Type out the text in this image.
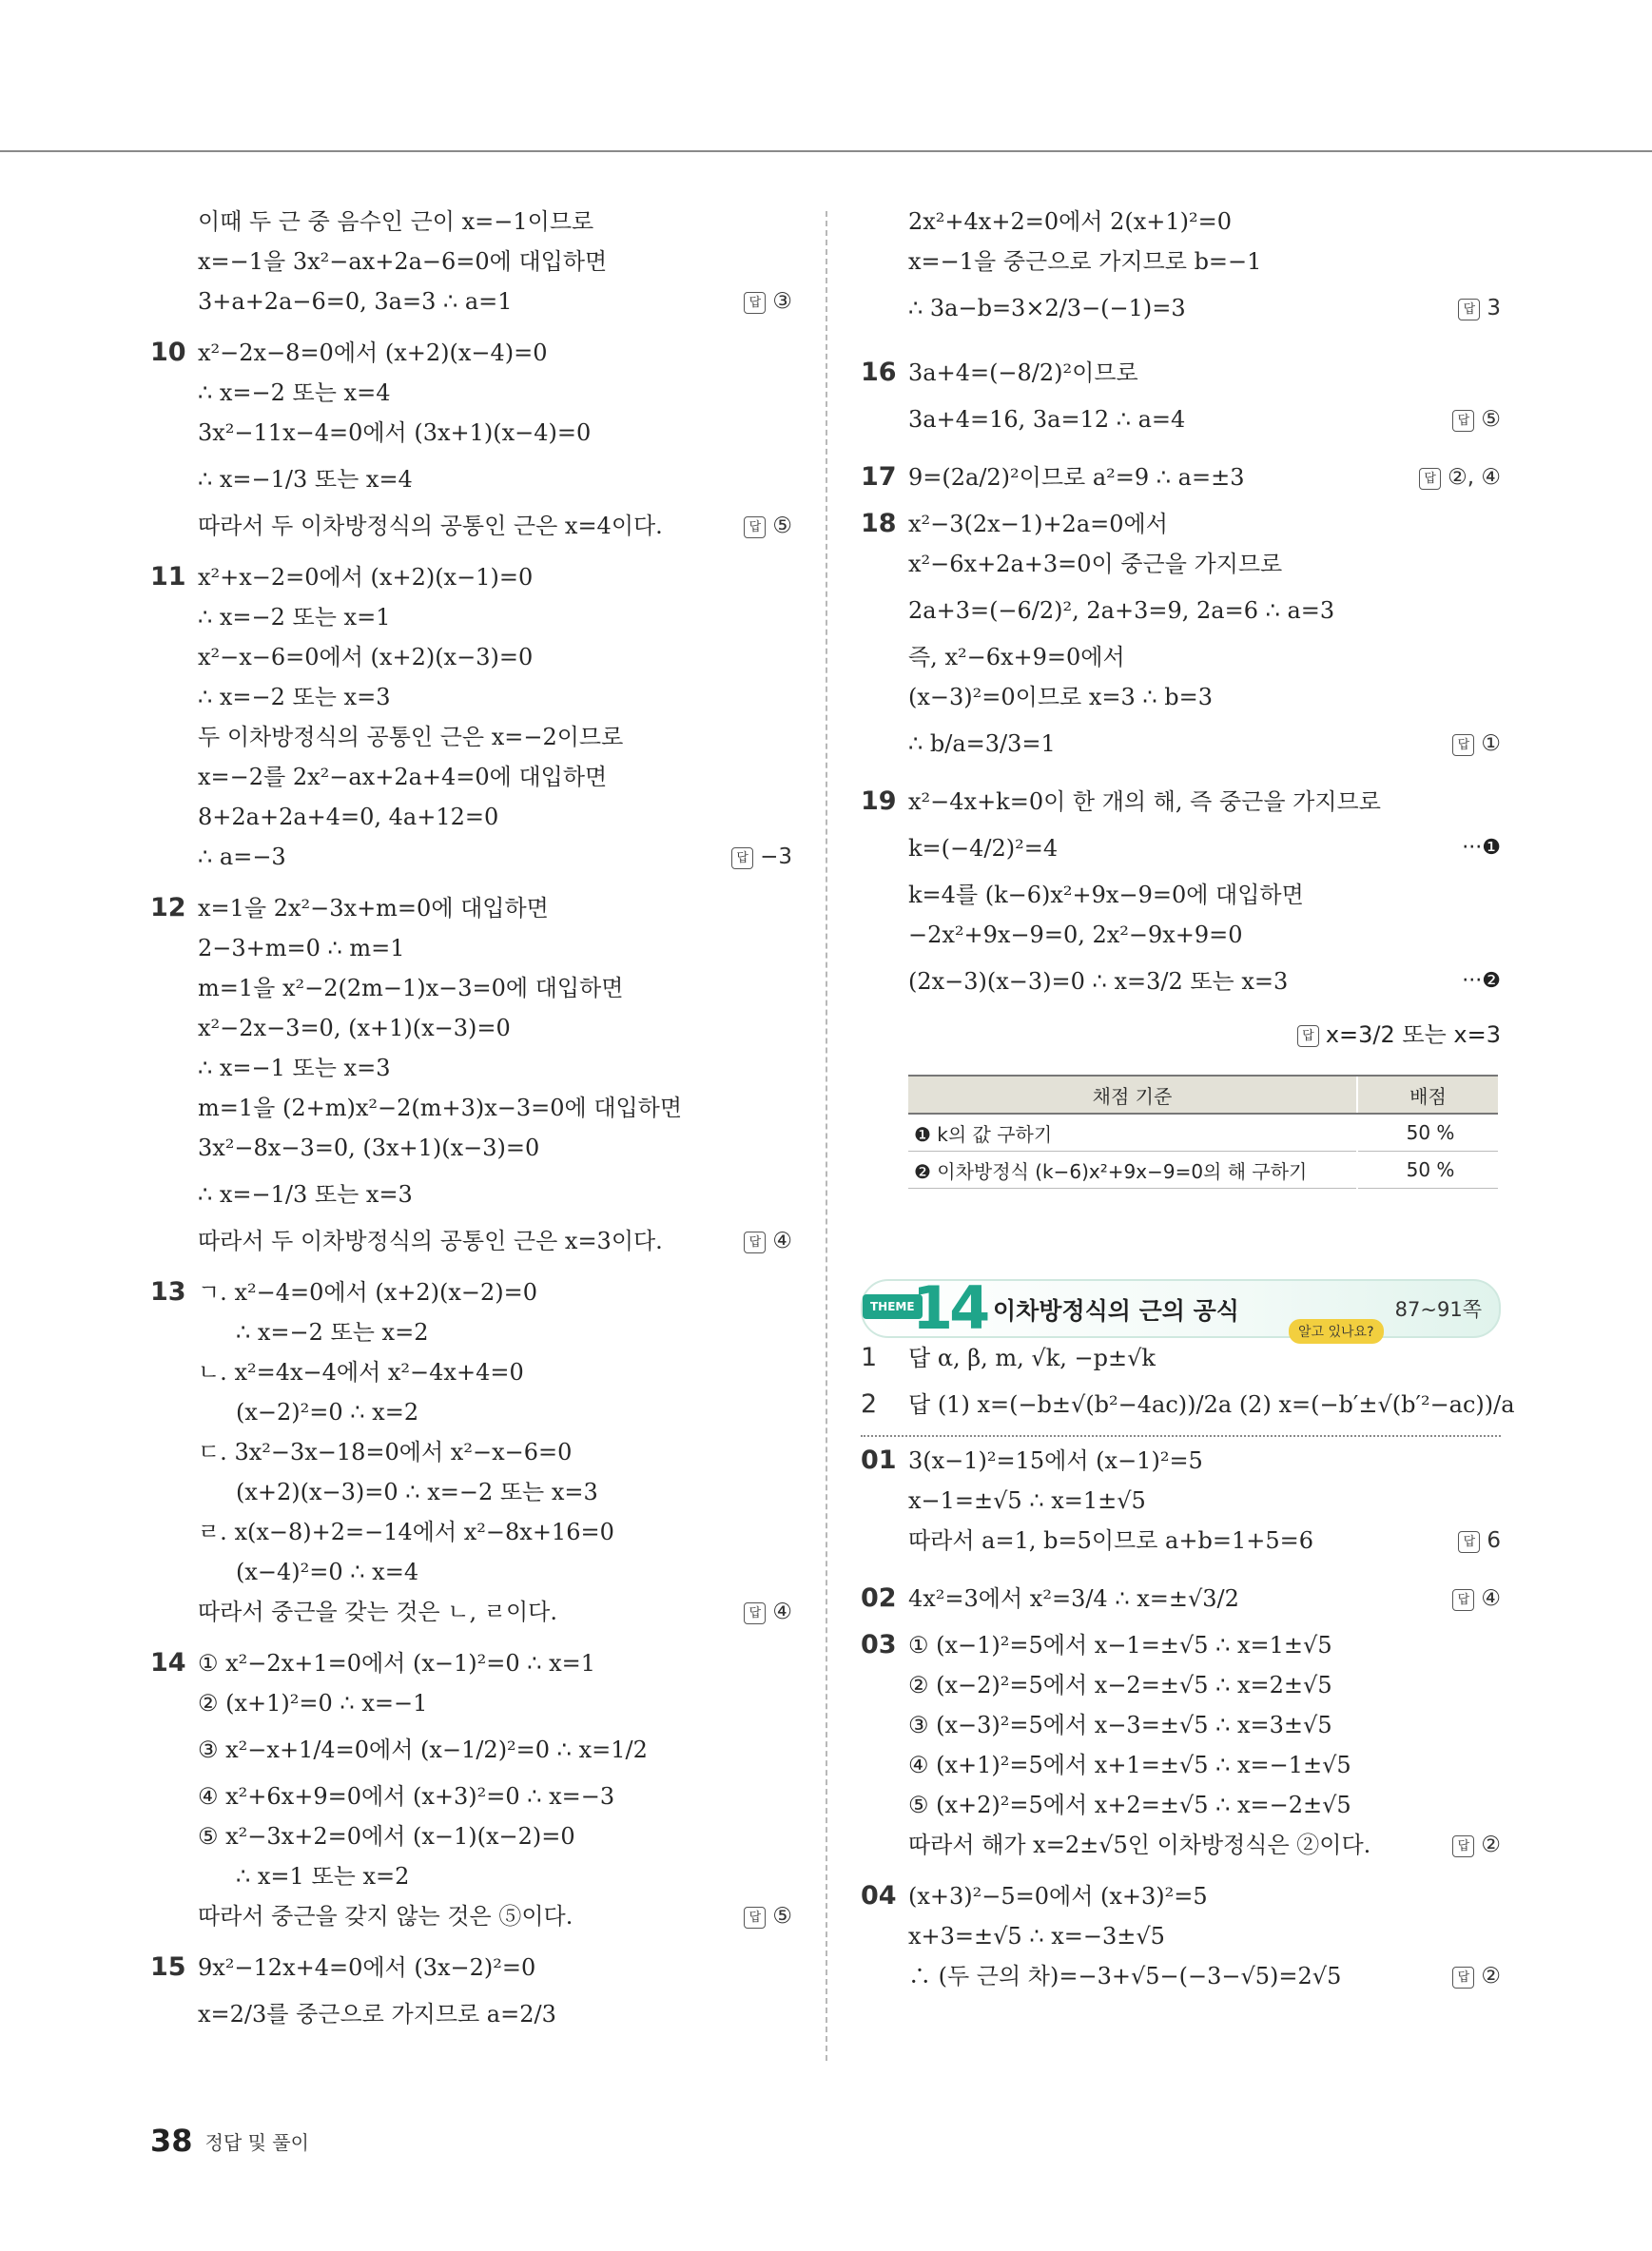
이때 두 근 중 음수인 근이 x=−1이므로
x=−1을 3x²−ax+2a−6=0에 대입하면
3+a+2a−6=0, 3a=3 ∴ a=1	답 ③
10 x²−2x−8=0에서 (x+2)(x−4)=0
∴ x=−2 또는 x=4
3x²−11x−4=0에서 (3x+1)(x−4)=0
∴ x=−1/3 또는 x=4
따라서 두 이차방정식의 공통인 근은 x=4이다.	답 ⑤
11 x²+x−2=0에서 (x+2)(x−1)=0
∴ x=−2 또는 x=1
x²−x−6=0에서 (x+2)(x−3)=0
∴ x=−2 또는 x=3
두 이차방정식의 공통인 근은 x=−2이므로
x=−2를 2x²−ax+2a+4=0에 대입하면
8+2a+2a+4=0, 4a+12=0
∴ a=−3	답 −3
12 x=1을 2x²−3x+m=0에 대입하면
2−3+m=0 ∴ m=1
m=1을 x²−2(2m−1)x−3=0에 대입하면
x²−2x−3=0, (x+1)(x−3)=0
∴ x=−1 또는 x=3
m=1을 (2+m)x²−2(m+3)x−3=0에 대입하면
3x²−8x−3=0, (3x+1)(x−3)=0
∴ x=−1/3 또는 x=3
따라서 두 이차방정식의 공통인 근은 x=3이다.	답 ④
13 ㄱ. x²−4=0에서 (x+2)(x−2)=0
∴ x=−2 또는 x=2
ㄴ. x²=4x−4에서 x²−4x+4=0
(x−2)²=0 ∴ x=2
ㄷ. 3x²−3x−18=0에서 x²−x−6=0
(x+2)(x−3)=0 ∴ x=−2 또는 x=3
ㄹ. x(x−8)+2=−14에서 x²−8x+16=0
(x−4)²=0 ∴ x=4
따라서 중근을 갖는 것은 ㄴ, ㄹ이다.	답 ④
14 ① x²−2x+1=0에서 (x−1)²=0 ∴ x=1
② (x+1)²=0 ∴ x=−1
③ x²−x+1/4=0에서 (x−1/2)²=0 ∴ x=1/2
④ x²+6x+9=0에서 (x+3)²=0 ∴ x=−3
⑤ x²−3x+2=0에서 (x−1)(x−2)=0
∴ x=1 또는 x=2
따라서 중근을 갖지 않는 것은 ⑤이다.	답 ⑤
15 9x²−12x+4=0에서 (3x−2)²=0
x=2/3를 중근으로 가지므로 a=2/3
2x²+4x+2=0에서 2(x+1)²=0
x=−1을 중근으로 가지므로 b=−1
∴ 3a−b=3×2/3−(−1)=3	답 3
16 3a+4=(−8/2)²이므로
3a+4=16, 3a=12 ∴ a=4	답 ⑤
17 9=(2a/2)²이므로 a²=9 ∴ a=±3	답 ②, ④
18 x²−3(2x−1)+2a=0에서
x²−6x+2a+3=0이 중근을 가지므로
2a+3=(−6/2)², 2a+3=9, 2a=6 ∴ a=3
즉, x²−6x+9=0에서
(x−3)²=0이므로 x=3 ∴ b=3
∴ b/a=3/3=1	답 ①
19 x²−4x+k=0이 한 개의 해, 즉 중근을 가지므로
k=(−4/2)²=4	···❶
k=4를 (k−6)x²+9x−9=0에 대입하면
−2x²+9x−9=0, 2x²−9x+9=0
(2x−3)(x−3)=0 ∴ x=3/2 또는 x=3	···❷
답 x=3/2 또는 x=3
채점 기준	배점
❶ k의 값 구하기	50 %
❷ 이차방정식 (k−6)x²+9x−9=0의 해 구하기	50 %
THEME
14 이차방정식의 근의 공식
알고 있나요?
87~91쪽
1 답 α, β, m, √k, −p±√k
2 답 (1) x=(−b±√(b²−4ac))/2a (2) x=(−b′±√(b′²−ac))/a
01 3(x−1)²=15에서 (x−1)²=5
x−1=±√5 ∴ x=1±√5
따라서 a=1, b=5이므로 a+b=1+5=6	답 6
02 4x²=3에서 x²=3/4 ∴ x=±√3/2	답 ④
03 ① (x−1)²=5에서 x−1=±√5 ∴ x=1±√5
② (x−2)²=5에서 x−2=±√5 ∴ x=2±√5
③ (x−3)²=5에서 x−3=±√5 ∴ x=3±√5
④ (x+1)²=5에서 x+1=±√5 ∴ x=−1±√5
⑤ (x+2)²=5에서 x+2=±√5 ∴ x=−2±√5
따라서 해가 x=2±√5인 이차방정식은 ②이다.	답 ②
04 (x+3)²−5=0에서 (x+3)²=5
x+3=±√5 ∴ x=−3±√5
∴ (두 근의 차)=−3+√5−(−3−√5)=2√5	답 ②
38 정답 및 풀이
